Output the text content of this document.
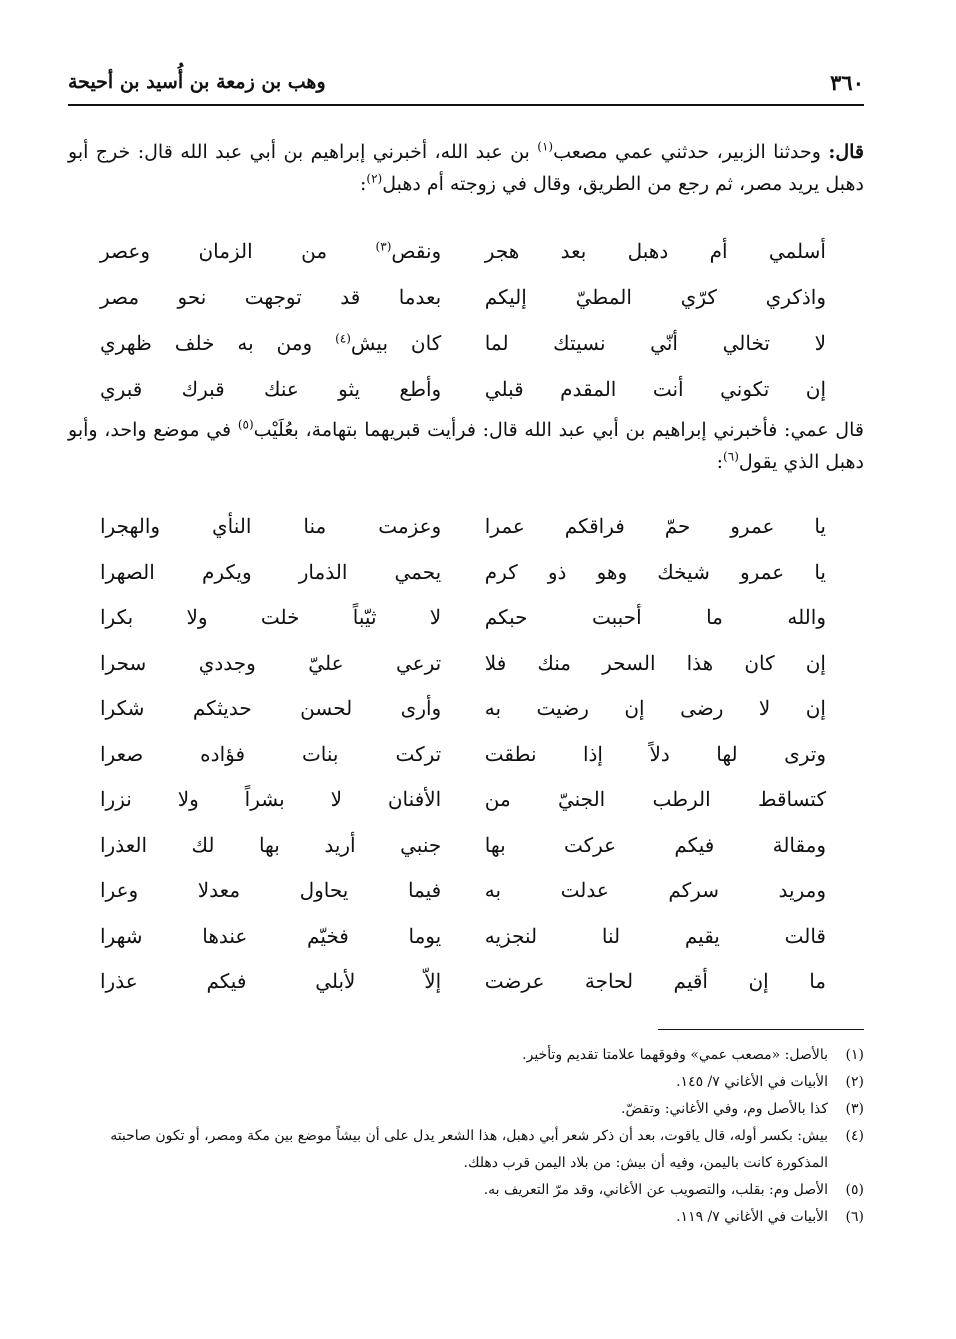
٣٦٠
وهب بن زمعة بن أُسيد بن أحيحة
قال: وحدثنا الزبير، حدثني عمي مصعب$^{(١)}$ بن عبد الله، أخبرني إبراهيم بن أبي عبد الله قال: خرج أبو دهبل يريد مصر، ثم رجع من الطريق، وقال في زوجته أم دهبل$^{(٢)}$:
أسلمي أم دهبل بعد هجر
ونقص$^{(٣)}$ من الزمان وعصر
واذكري كرّي المطيّ إليكم
بعدما قد توجهت نحو مصر
لا تخالي أنّي نسيتك لما
كان بيش$^{(٤)}$ ومن به خلف ظهري
إن تكوني أنت المقدم قبلي
وأطع يثو عنك قبرك قبري
قال عمي: فأخبرني إبراهيم بن أبي عبد الله قال: فرأيت قبريهما بتهامة، بعُلَيْب$^{(٥)}$ في موضع واحد، وأبو دهبل الذي يقول$^{(٦)}$:
يا عمرو حمّ فراقكم عمرا
وعزمت منا النأي والهجرا
يا عمرو شيخك وهو ذو كرم
يحمي الذمار ويكرم الصهرا
والله ما أحببت حبكم
لا ثيّباً خلت ولا بكرا
إن كان هذا السحر منك فلا
ترعي عليّ وجددي سحرا
إن لا رضى إن رضيت به
وأرى لحسن حديثكم شكرا
وترى لها دلاً إذا نطقت
تركت بنات فؤاده صعرا
كتساقط الرطب الجنيّ من
الأفنان لا بشراً ولا نزرا
ومقالة فيكم عركت بها
جنبي أريد بها لك العذرا
ومريد سركم عدلت به
فيما يحاول معدلا وعرا
قالت يقيم لنا لنجزيه
يوما فخيّم عندها شهرا
ما إن أقيم لحاجة عرضت
إلاّ لأبلي فيكم عذرا
(١)
بالأصل: «مصعب عمي» وفوقهما علامتا تقديم وتأخير.
(٢)
الأبيات في الأغاني ٧/ ١٤٥.
(٣)
كذا بالأصل وم، وفي الأغاني: وتقضّ.
(٤)
بيش: بكسر أوله، قال ياقوت، بعد أن ذكر شعر أبي دهبل، هذا الشعر يدل على أن بيشاً موضع بين مكة ومصر، أو تكون صاحبته المذكورة كانت باليمن، وفيه أن بيش: من بلاد اليمن قرب دهلك.
(٥)
الأصل وم: بقلب، والتصويب عن الأغاني، وقد مرّ التعريف به.
(٦)
الأبيات في الأغاني ٧/ ١١٩.
